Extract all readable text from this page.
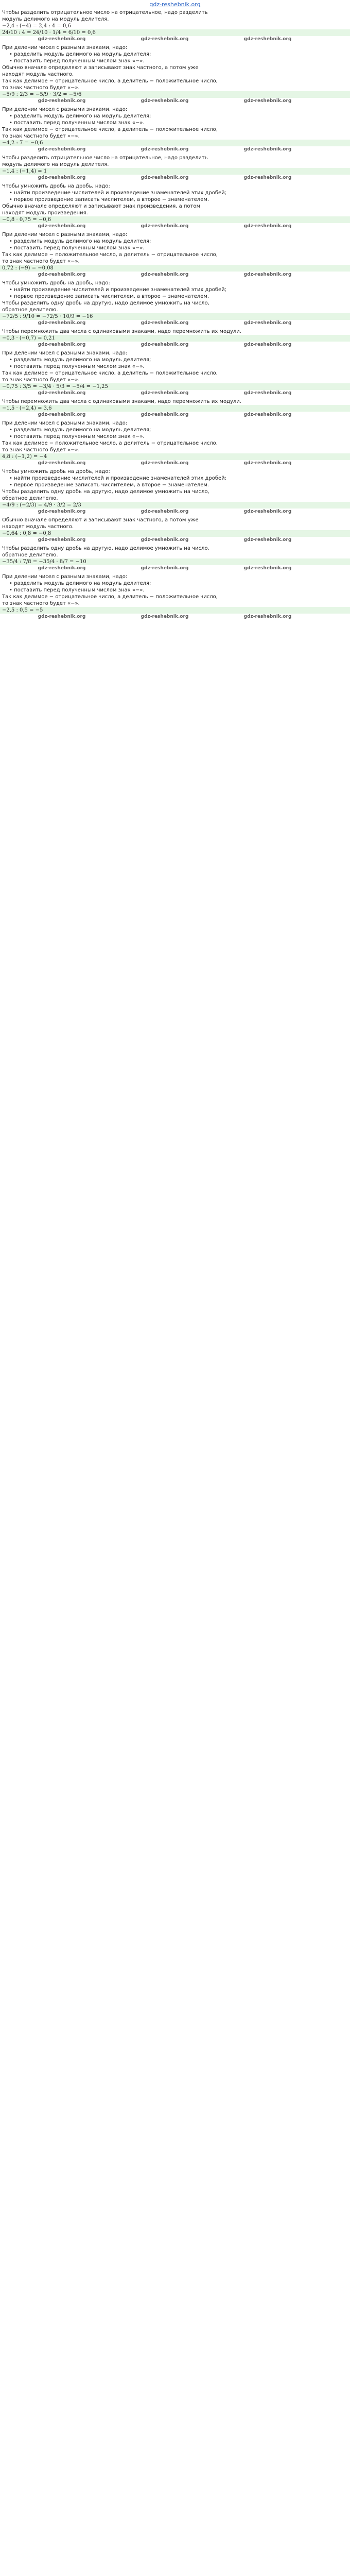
gdz-reshebnik.org
Чтобы разделить отрицательное число на отрицательное, надо разделить
модуль делимого на модуль делителя.
−2,4 : (−4) = 2,4 : 4 = 0,6
24/10 : 4 = 24/10 · 1/4 = 6/10 = 0,6
gdz-reshebnik.org	gdz-reshebnik.org	gdz-reshebnik.org
При делении чисел с разными знаками, надо:
• разделить модуль делимого на модуль делителя;
• поставить перед полученным числом знак «−».
Обычно вначале определяют и записывают знак частного, а потом уже
находят модуль частного.
Так как делимое − отрицательное число, а делитель − положительное число,
то знак частного будет «−».
−5/9 : 2/3 = −5/9 · 3/2 = −5/6
gdz-reshebnik.org	gdz-reshebnik.org	gdz-reshebnik.org
При делении чисел с разными знаками, надо:
• разделить модуль делимого на модуль делителя;
• поставить перед полученным числом знак «−».
Так как делимое − отрицательное число, а делитель − положительное число,
то знак частного будет «−».
−4,2 : 7 = −0,6
gdz-reshebnik.org	gdz-reshebnik.org	gdz-reshebnik.org
Чтобы разделить отрицательное число на отрицательное, надо разделить
модуль делимого на модуль делителя.
−1,4 : (−1,4) = 1
gdz-reshebnik.org	gdz-reshebnik.org	gdz-reshebnik.org
Чтобы умножить дробь на дробь, надо:
• найти произведение числителей и произведение знаменателей этих дробей;
• первое произведение записать числителем, а второе − знаменателем.
Обычно вначале определяют и записывают знак произведения, а потом
находят модуль произведения.
−0,8 · 0,75 = −0,6
gdz-reshebnik.org	gdz-reshebnik.org	gdz-reshebnik.org
При делении чисел с разными знаками, надо:
• разделить модуль делимого на модуль делителя;
• поставить перед полученным числом знак «−».
Так как делимое − положительное число, а делитель − отрицательное число,
то знак частного будет «−».
0,72 : (−9) = −0,08
gdz-reshebnik.org	gdz-reshebnik.org	gdz-reshebnik.org
Чтобы умножить дробь на дробь, надо:
• найти произведение числителей и произведение знаменателей этих дробей;
• первое произведение записать числителем, а второе − знаменателем.
Чтобы разделить одну дробь на другую, надо делимое умножить на число,
обратное делителю.
−72/5 : 9/10 = −72/5 · 10/9 = −16
gdz-reshebnik.org	gdz-reshebnik.org	gdz-reshebnik.org
Чтобы перемножить два числа с одинаковыми знаками, надо перемножить их модули.
−0,3 · (−0,7) = 0,21
gdz-reshebnik.org	gdz-reshebnik.org	gdz-reshebnik.org
При делении чисел с разными знаками, надо:
• разделить модуль делимого на модуль делителя;
• поставить перед полученным числом знак «−».
Так как делимое − отрицательное число, а делитель − положительное число,
то знак частного будет «−».
−0,75 : 3/5 = −3/4 · 5/3 = −5/4 = −1,25
gdz-reshebnik.org	gdz-reshebnik.org	gdz-reshebnik.org
Чтобы перемножить два числа с одинаковыми знаками, надо перемножить их модули.
−1,5 · (−2,4) = 3,6
gdz-reshebnik.org	gdz-reshebnik.org	gdz-reshebnik.org
При делении чисел с разными знаками, надо:
• разделить модуль делимого на модуль делителя;
• поставить перед полученным числом знак «−».
Так как делимое − положительное число, а делитель − отрицательное число,
то знак частного будет «−».
4,8 : (−1,2) = −4
gdz-reshebnik.org	gdz-reshebnik.org	gdz-reshebnik.org
Чтобы умножить дробь на дробь, надо:
• найти произведение числителей и произведение знаменателей этих дробей;
• первое произведение записать числителем, а второе − знаменателем.
Чтобы разделить одну дробь на другую, надо делимое умножить на число,
обратное делителю.
−4/9 : (−2/3) = 4/9 · 3/2 = 2/3
gdz-reshebnik.org	gdz-reshebnik.org	gdz-reshebnik.org
Обычно вначале определяют и записывают знак частного, а потом уже
находят модуль частного.
−0,64 : 0,8 = −0,8
gdz-reshebnik.org	gdz-reshebnik.org	gdz-reshebnik.org
Чтобы разделить одну дробь на другую, надо делимое умножить на число,
обратное делителю.
−35/4 : 7/8 = −35/4 · 8/7 = −10
gdz-reshebnik.org	gdz-reshebnik.org	gdz-reshebnik.org
При делении чисел с разными знаками, надо:
• разделить модуль делимого на модуль делителя;
• поставить перед полученным числом знак «−».
Так как делимое − отрицательное число, а делитель − положительное число,
то знак частного будет «−».
−2,5 : 0,5 = −5
gdz-reshebnik.org	gdz-reshebnik.org	gdz-reshebnik.org
